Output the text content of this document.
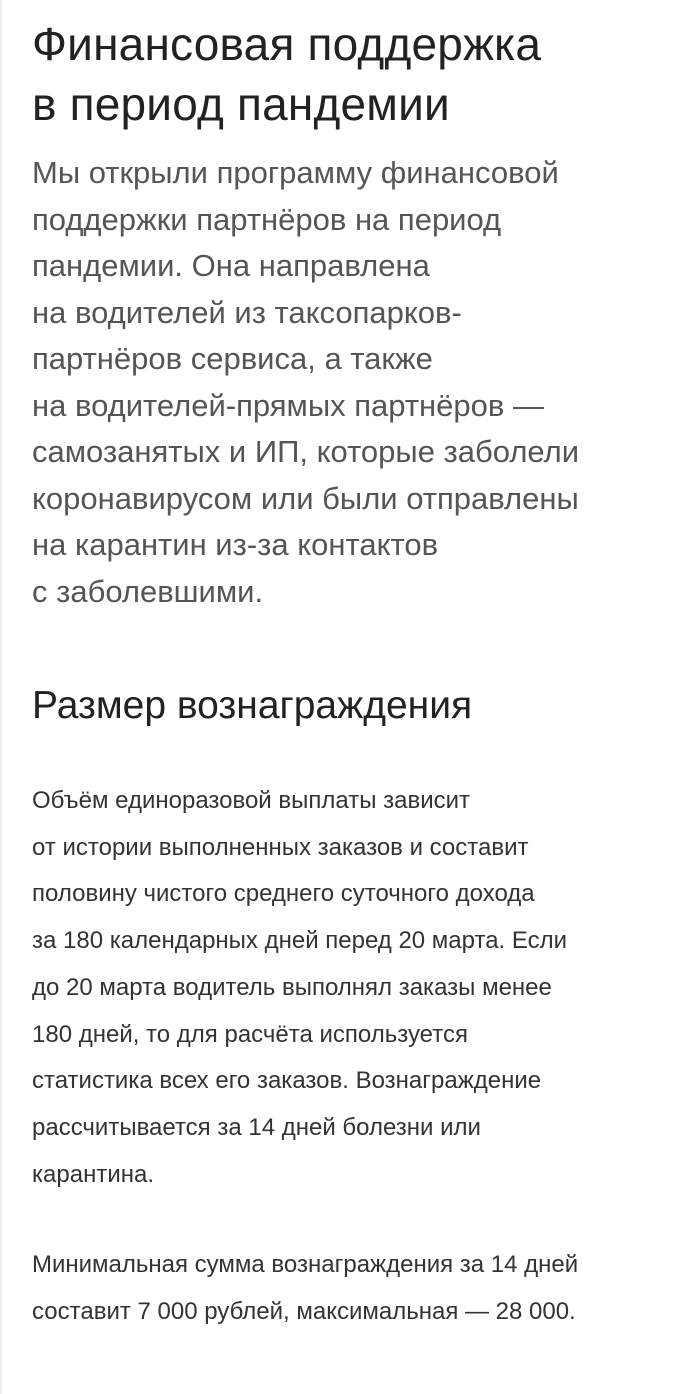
Финансовая поддержка
в период пандемии

Мы открыли программу финансовой
поддержки партнёров на период
пандемии. Она направлена
на водителей из таксопарков-
партнёров сервиса, а также
на водителей-прямых партнёров —
самозанятых и ИП, которые заболели
коронавирусом или были отправлены
на карантин из-за контактов
с заболевшими.

Размер вознаграждения

Объём единоразовой выплаты зависит
от истории выполненных заказов и составит
половину чистого среднего суточного дохода
за 180 календарных дней перед 20 марта. Если
до 20 марта водитель выполнял заказы менее
180 дней, то для расчёта используется
статистика всех его заказов. Вознаграждение
рассчитывается за 14 дней болезни или
карантина.

Минимальная сумма вознаграждения за 14 дней
составит 7 000 рублей, максимальная — 28 000.
